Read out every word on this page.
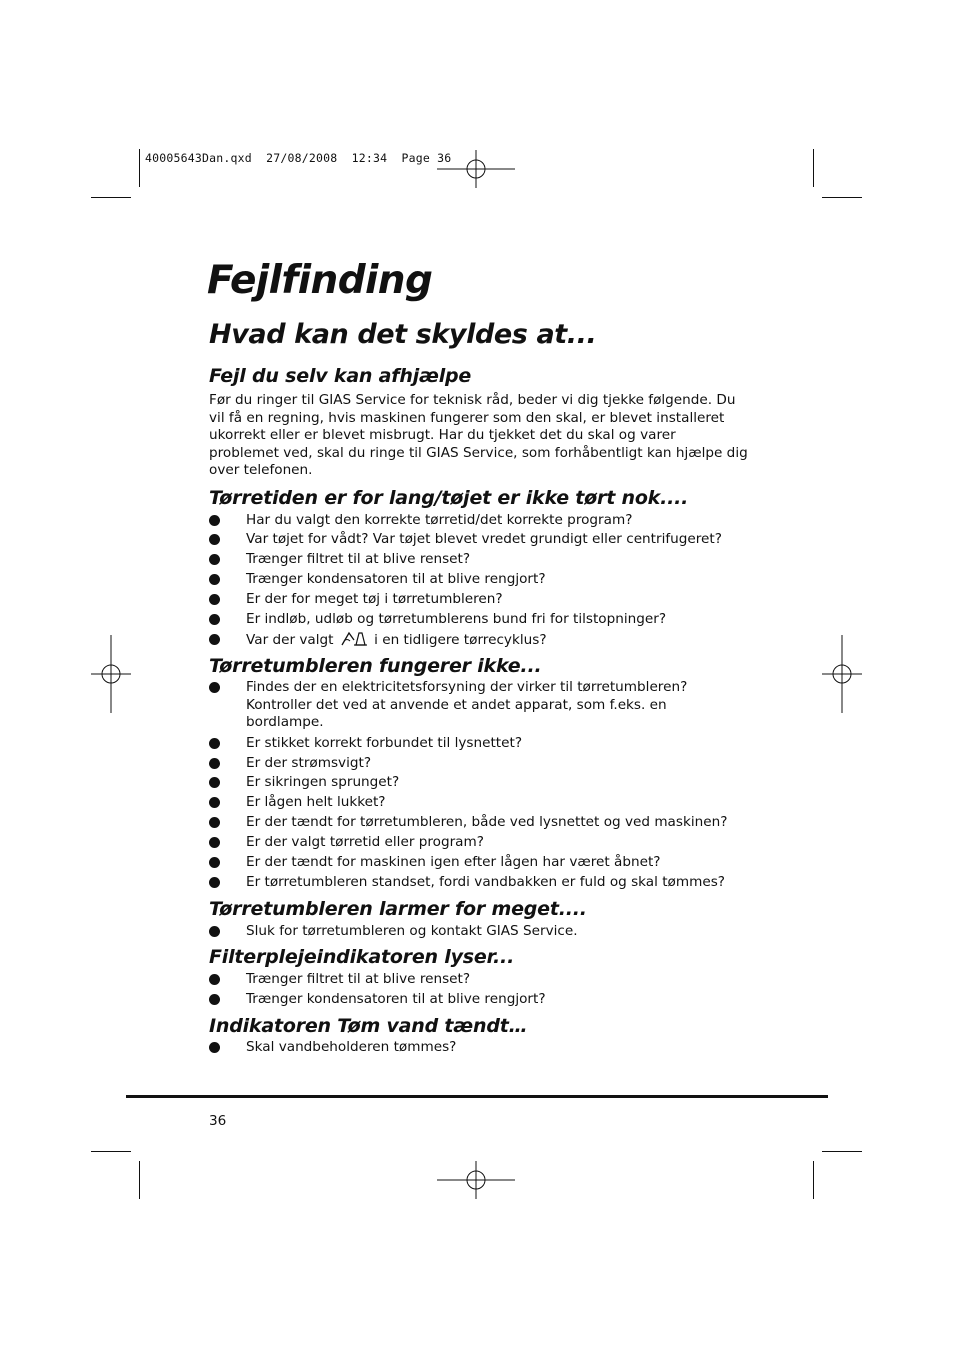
40005643Dan.qxd  27/08/2008  12:34  Page 36
Fejlfinding
Hvad kan det skyldes at...
Fejl du selv kan afhjælpe

Før du ringer til GIAS Service for teknisk råd, beder vi dig tjekke følgende. Du vil få en regning, hvis maskinen fungerer som den skal, er blevet installeret ukorrekt eller er blevet misbrugt. Har du tjekket det du skal og varer problemet ved, skal du ringe til GIAS Service, som forhåbentligt kan hjælpe dig over telefonen.

Tørretiden er for lang/tøjet er ikke tørt nok....
Har du valgt den korrekte tørretid/det korrekte program?
Var tøjet for vådt? Var tøjet blevet vredet grundigt eller centrifugeret?
Trænger filtret til at blive renset?
Trænger kondensatoren til at blive rengjort?
Er der for meget tøj i tørretumbleren?
Er indløb, udløb og tørretumblerens bund fri for tilstopninger?
Var der valgt	i en tidligere tørrecyklus?
Tørretumbleren fungerer ikke...
Findes der en elektricitetsforsyning der virker til tørretumbleren? Kontroller det ved at anvende et andet apparat, som f.eks. en bordlampe.
Er stikket korrekt forbundet til lysnettet?
Er der strømsvigt?
Er sikringen sprunget?
Er lågen helt lukket?
Er der tændt for tørretumbleren, både ved lysnettet og ved maskinen?
Er der valgt tørretid eller program?
Er der tændt for maskinen igen efter lågen har været åbnet?
Er tørretumbleren standset, fordi vandbakken er fuld og skal tømmes?
Tørretumbleren larmer for meget....
Sluk for tørretumbleren og kontakt GIAS Service.
Filterplejeindikatoren lyser...
Trænger filtret til at blive renset?
Trænger kondensatoren til at blive rengjort?
Indikatoren Tøm vand tændt…
Skal vandbeholderen tømmes?
36
